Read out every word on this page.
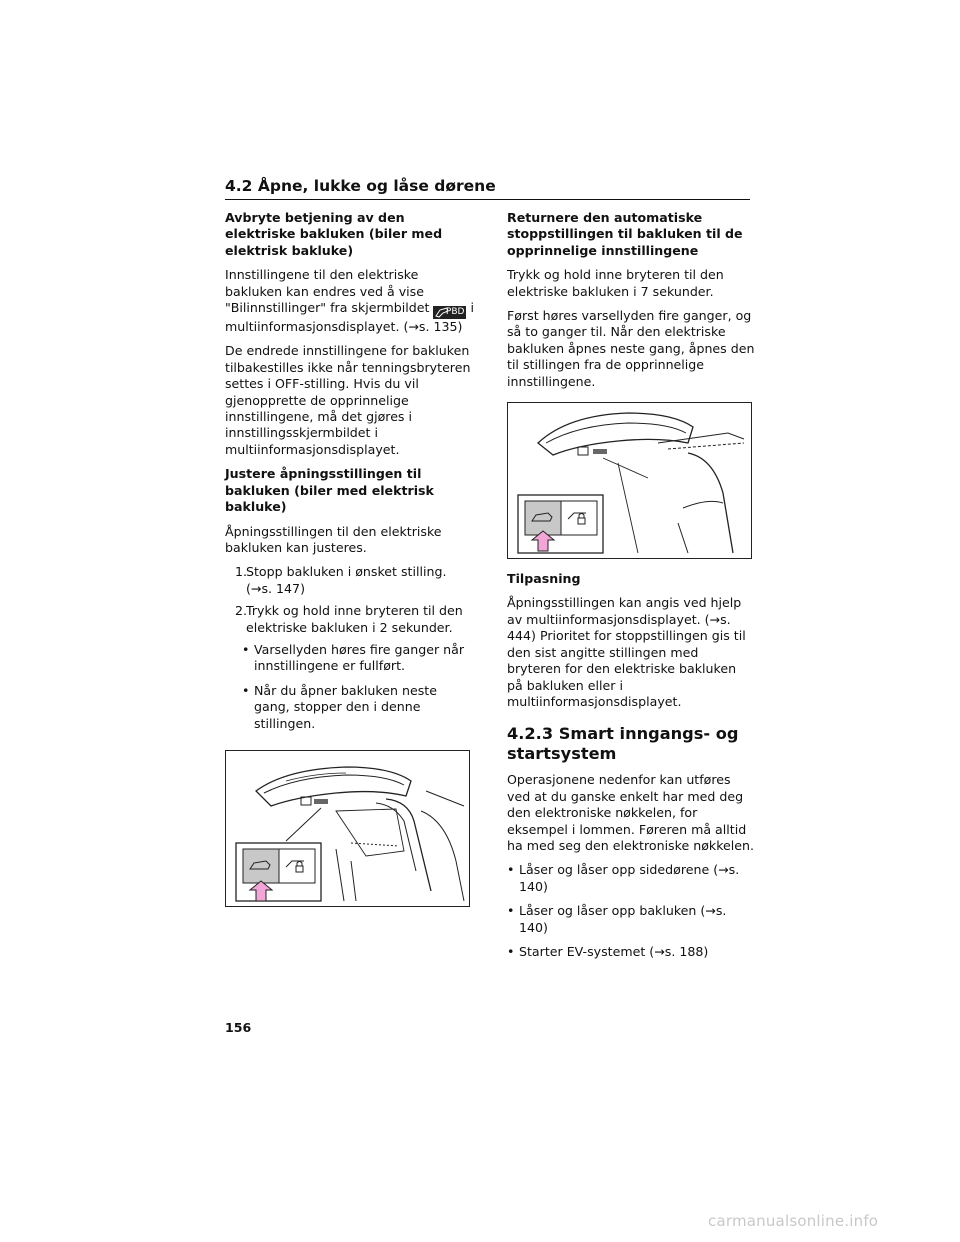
4.2 Åpne, lukke og låse dørene
Avbryte betjening av den elektriske bakluken (biler med elektrisk bakluke)

Innstillingene til den elektriske bakluken kan endres ved å vise "Bilinnstillinger" fra skjermbildet PBD i multiinformasjonsdisplayet. (→s. 135)

De endrede innstillingene for bakluken tilbakestilles ikke når tenningsbryteren settes i OFF-stilling. Hvis du vil gjenopprette de opprinnelige innstillingene, må det gjøres i innstillingsskjermbildet i multiinformasjonsdisplayet.

Justere åpningsstillingen til bakluken (biler med elektrisk bakluke)

Åpningsstillingen til den elektriske bakluken kan justeres.

1.
Stopp bakluken i ønsket stilling. (→s. 147)
2.
Trykk og hold inne bryteren til den elektriske bakluken i 2 sekunder.
• Varsellyden høres fire ganger når innstillingene er fullført.
• Når du åpner bakluken neste gang, stopper den i denne stillingen.
Returnere den automatiske stoppstillingen til bakluken til de opprinnelige innstillingene

Trykk og hold inne bryteren til den elektriske bakluken i 7 sekunder.

Først høres varsellyden fire ganger, og så to ganger til. Når den elektriske bakluken åpnes neste gang, åpnes den til stillingen fra de opprinnelige innstillingene.

Tilpasning

Åpningsstillingen kan angis ved hjelp av multiinformasjonsdisplayet. (→s. 444) Prioritet for stoppstillingen gis til den sist angitte stillingen med bryteren for den elektriske bakluken på bakluken eller i multiinformasjonsdisplayet.

4.2.3 Smart inngangs- og startsystem

Operasjonene nedenfor kan utføres ved at du ganske enkelt har med deg den elektroniske nøkkelen, for eksempel i lommen. Føreren må alltid ha med seg den elektroniske nøkkelen.

• Låser og låser opp sidedørene (→s. 140)
• Låser og låser opp bakluken (→s. 140)
• Starter EV-systemet (→s. 188)
156
carmanualsonline.info
